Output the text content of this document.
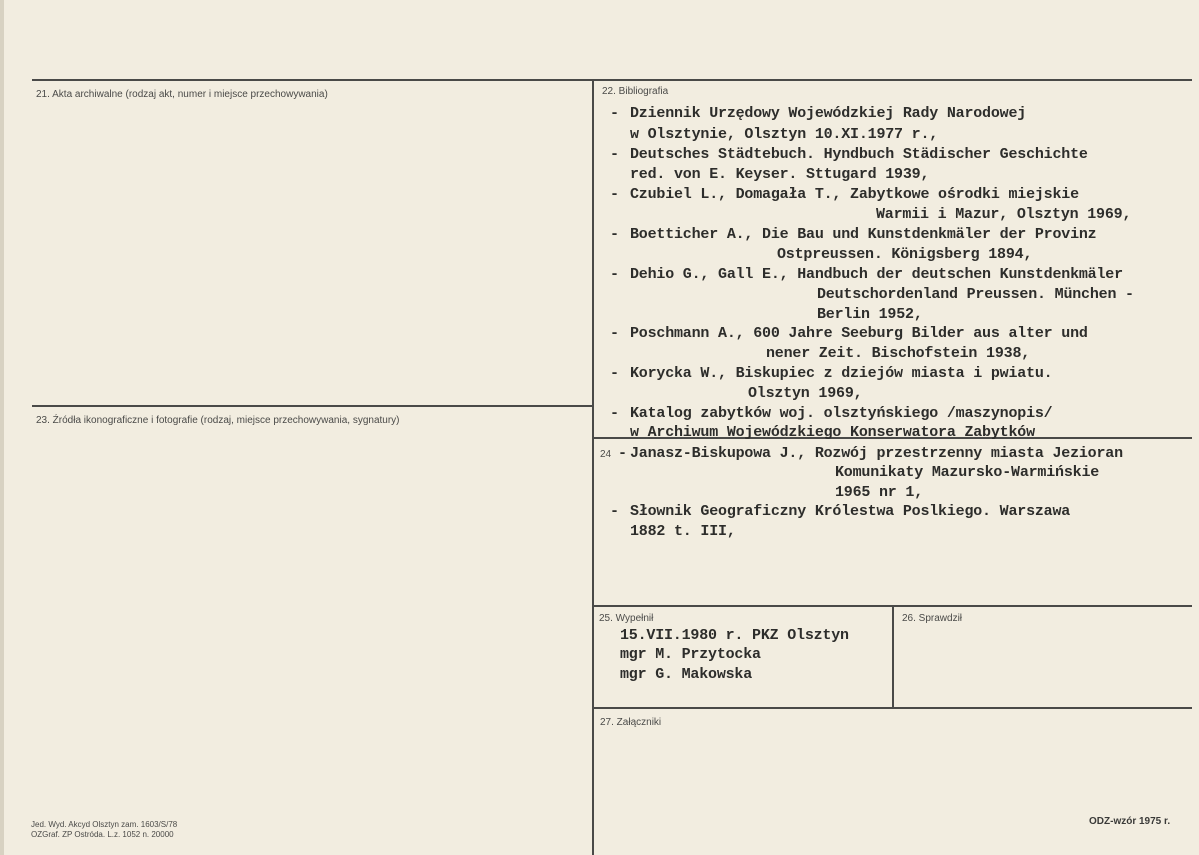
21. Akta archiwalne (rodzaj akt, numer i miejsce przechowywania)	22. Bibliografia
23. Źródła ikonograficzne i fotografie (rodzaj, miejsce przechowywania, sygnatury)
24
25. Wypełnił	26. Sprawdził
27. Załączniki
- Dziennik Urzędowy Wojewódzkiej Rady Narodowej
w Olsztynie, Olsztyn 10.XI.1977 r.,
- Deutsches Städtebuch. Hyndbuch Städischer Geschichte
red. von E. Keyser. Sttugard 1939,
- Czubiel L., Domagała T., Zabytkowe ośrodki miejskie
Warmii i Mazur, Olsztyn 1969,
- Boetticher A., Die Bau und Kunstdenkmäler der Provinz
Ostpreussen. Königsberg 1894,
- Dehio G., Gall E., Handbuch der deutschen Kunstdenkmäler
Deutschordenland Preussen. München -
Berlin 1952,
- Poschmann A., 600 Jahre Seeburg Bilder aus alter und
nener Zeit. Bischofstein 1938,
- Korycka W., Biskupiec z dziejów miasta i pwiatu.
Olsztyn 1969,
- Katalog zabytków woj. olsztyńskiego /maszynopis/
w Archiwum Wojewódzkiego Konserwatora Zabytków
- Janasz-Biskupowa J., Rozwój przestrzenny miasta Jezioran
Komunikaty Mazursko-Warmińskie
1965 nr 1,
- Słownik Geograficzny Królestwa Poslkiego. Warszawa
1882 t. III,
15.VII.1980 r. PKZ Olsztyn
mgr M. Przytocka
mgr G. Makowska
Jed. Wyd. Akcyd Olsztyn zam. 1603/S/78
OZGraf. ZP Ostróda. L.z. 1052 n. 20000
ODZ-wzór 1975 r.
